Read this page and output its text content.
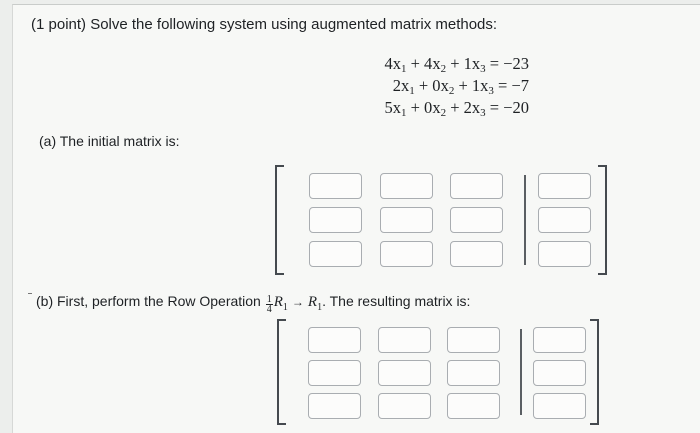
(1 point) Solve the following system using augmented matrix methods:
$4x_1 + 4x_2 + 1x_3 = -23$
$2x_1 + 0x_2 + 1x_3 = -7$
$5x_1 + 0x_2 + 2x_3 = -20$
(a) The initial matrix is:
(b) First, perform the Row Operation $\frac{1}{4} R_1 \to R_1$. The resulting matrix is:
